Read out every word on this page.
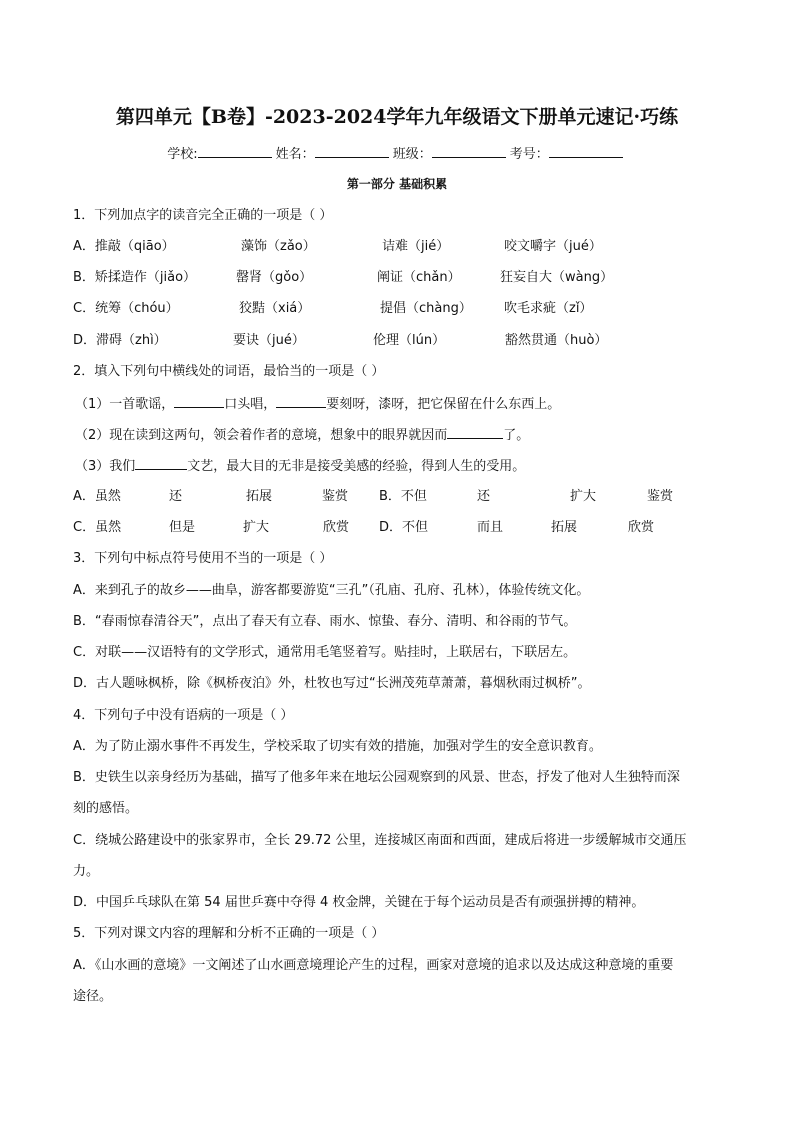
第四单元【B卷】-2023-2024学年九年级语文下册单元速记·巧练
学校:	姓名：	班级：	考号：
第一部分 基础积累
1．下列加点字的读音完全正确的一项是（ ）
A．推敲（qiāo）	藻饰（zǎo）	诘难（jié）	咬文嚼字（jué）
B．矫揉造作（jiǎo）	罄肾（gǒo）	阐证（chǎn）	狂妄自大（wàng）
C．统筹（chóu）	狡黠（xiá）	提倡（chàng） 吹毛求疵（zǐ）
D．滞碍（zhì）	要诀（jué）	伦理（lún）	豁然贯通（huò）
2．填入下列句中横线处的词语，最恰当的一项是（ ）
（1）一首歌谣，	口头唱，	要刻呀，漆呀，把它保留在什么东西上。
（2）现在读到这两句，领会着作者的意境，想象中的眼界就因而	了。
（3）我们	文艺，最大目的无非是接受美感的经验，得到人生的受用。
A．虽然	还	拓展	鉴赏 B．不但	还	扩大	鉴赏
C．虽然	但是	扩大	欣赏 D．不但	而且	拓展	欣赏
3．下列句中标点符号使用不当的一项是（ ）
A．来到孔子的故乡——曲阜，游客都要游览“三孔”（孔庙、孔府、孔林），体验传统文化。
B．“春雨惊春清谷天”，点出了春天有立春、雨水、惊蛰、春分、清明、和谷雨的节气。
C．对联——汉语特有的文学形式，通常用毛笔竖着写。贴挂时，上联居右，下联居左。
D．古人题咏枫桥，除《枫桥夜泊》外，杜牧也写过“长洲茂苑草萧萧，暮烟秋雨过枫桥”。
4．下列句子中没有语病的一项是（ ）
A．为了防止溺水事件不再发生，学校采取了切实有效的措施，加强对学生的安全意识教育。
B．史铁生以亲身经历为基础，描写了他多年来在地坛公园观察到的风景、世态，抒发了他对人生独特而深
刻的感悟。
C．绕城公路建设中的张家界市，全长 29.72 公里，连接城区南面和西面，建成后将进一步缓解城市交通压
力。
D．中国乒乓球队在第 54 届世乒赛中夺得 4 枚金牌，关键在于每个运动员是否有顽强拼搏的精神。
5．下列对课文内容的理解和分析不正确的一项是（ ）
A．《山水画的意境》一文阐述了山水画意境理论产生的过程，画家对意境的追求以及达成这种意境的重要
途径。
